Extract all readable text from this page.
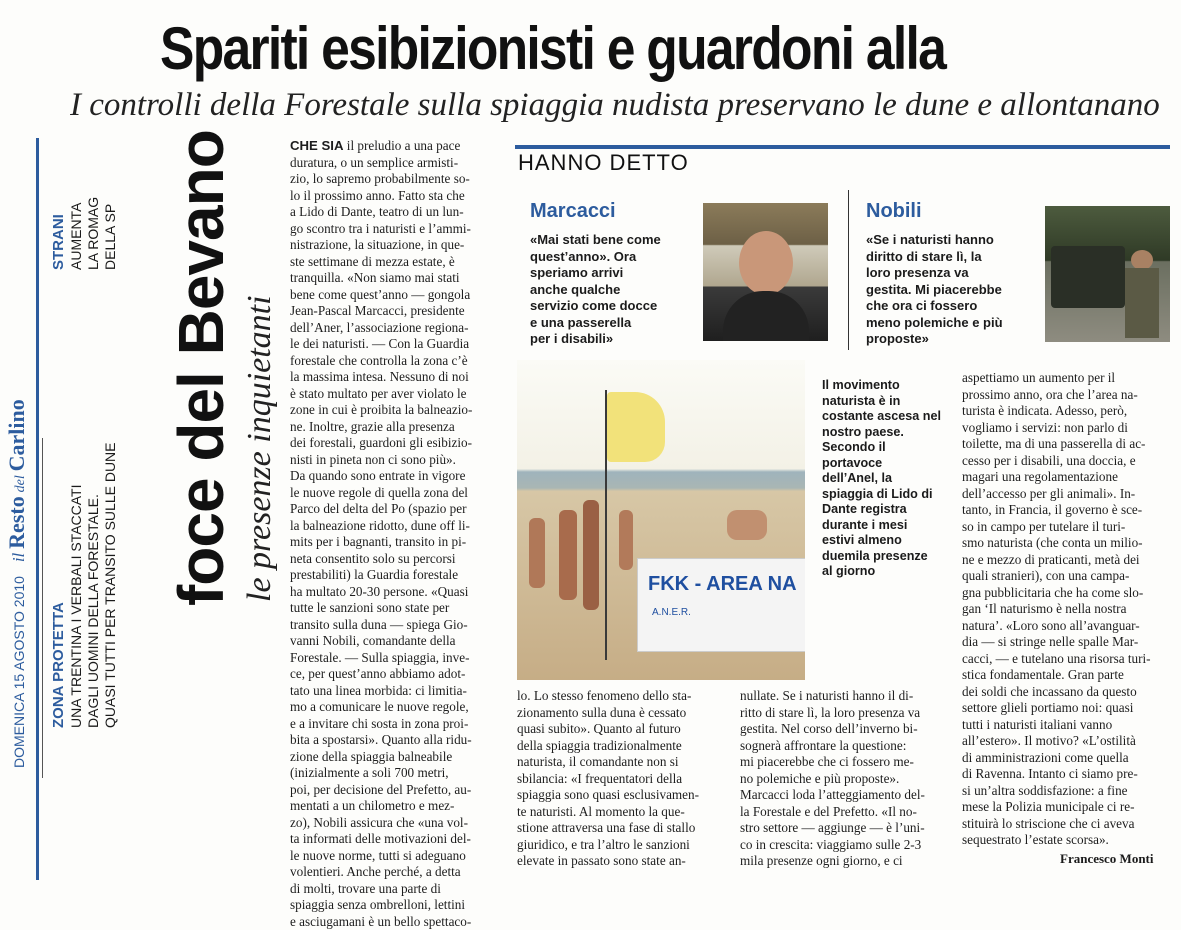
Spariti esibizionisti e guardoni alla
I controlli della Forestale sulla spiaggia nudista preservano le dune e allontanano
DOMENICA 15 AGOSTO 2010 il Resto del Carlino
ZONA PROTETTA UNA TRENTINA I VERBALI STACCATI DAGLI UOMINI DELLA FORESTALE. QUASI TUTTI PER TRANSITO SULLE DUNE
STRANI AUMENTA LA ROMAG DELLA SP foce del Bevano le presenze inquietanti

CHE SIA il preludio a una pace

duratura, o un semplice armisti-
zio, lo sapremo probabilmente so-
lo il prossimo anno. Fatto sta che
a Lido di Dante, teatro di un lun-
go scontro tra i naturisti e l’ammi-
nistrazione, la situazione, in que-
ste settimane di mezza estate, è
tranquilla. «Non siamo mai stati
bene come quest’anno — gongola
Jean-Pascal Marcacci, presidente
dell’Aner, l’associazione regiona-
le dei naturisti. — Con la Guardia
forestale che controlla la zona c’è
la massima intesa. Nessuno di noi
è stato multato per aver violato le
zone in cui è proibita la balneazio-
ne. Inoltre, grazie alla presenza
dei forestali, guardoni gli esibizio-
nisti in pineta non ci sono più».
Da quando sono entrate in vigore
le nuove regole di quella zona del
Parco del delta del Po (spazio per
la balneazione ridotto, dune off li-
mits per i bagnanti, transito in pi-
neta consentito solo su percorsi
prestabiliti) la Guardia forestale
ha multato 20-30 persone. «Quasi
tutte le sanzioni sono state per
transito sulla duna — spiega Gio-
vanni Nobili, comandante della
Forestale. — Sulla spiaggia, inve-
ce, per quest’anno abbiamo adot-
tato una linea morbida: ci limitia-
mo a comunicare le nuove regole,
e a invitare chi sosta in zona proi-
bita a spostarsi». Quanto alla ridu-
zione della spiaggia balneabile
(inizialmente a soli 700 metri,
poi, per decisione del Prefetto, au-
mentati a un chilometro e mez-
zo), Nobili assicura che «una vol-
ta informati delle motivazioni del-
le nuove norme, tutti si adeguano
volentieri. Anche perché, a detta
di molti, trovare una parte di
spiaggia senza ombrelloni, lettini
e asciugamani è un bello spettaco-
HANNO DETTO
Marcacci
«Mai stati bene come
quest’anno». Ora
speriamo arrivi
anche qualche
servizio come docce
e una passerella
per i disabili»
Nobili
«Se i naturisti hanno
diritto di stare lì, la
loro presenza va
gestita. Mi piacerebbe
che ora ci fossero
meno polemiche e più
proposte»
FKK - AREA NA
A.N.E.R.
Il movimento
naturista è in
costante ascesa nel
nostro paese.
Secondo il
portavoce
dell’Anel, la
spiaggia di Lido di
Dante registra
durante i mesi
estivi almeno
duemila presenze
al giorno
lo. Lo stesso fenomeno dello sta-
zionamento sulla duna è cessato
quasi subito». Quanto al futuro
della spiaggia tradizionalmente
naturista, il comandante non si
sbilancia: «I frequentatori della
spiaggia sono quasi esclusivamen-
te naturisti. Al momento la que-
stione attraversa una fase di stallo
giuridico, e tra l’altro le sanzioni
elevate in passato sono state an-
nullate. Se i naturisti hanno il di-
ritto di stare lì, la loro presenza va
gestita. Nel corso dell’inverno bi-
sognerà affrontare la questione:
mi piacerebbe che ci fossero me-
no polemiche e più proposte».
Marcacci loda l’atteggiamento del-
la Forestale e del Prefetto. «Il no-
stro settore — aggiunge — è l’uni-
co in crescita: viaggiamo sulle 2-3
mila presenze ogni giorno, e ci
aspettiamo un aumento per il
prossimo anno, ora che l’area na-
turista è indicata. Adesso, però,
vogliamo i servizi: non parlo di
toilette, ma di una passerella di ac-
cesso per i disabili, una doccia, e
magari una regolamentazione
dell’accesso per gli animali». In-
tanto, in Francia, il governo è sce-
so in campo per tutelare il turi-
smo naturista (che conta un milio-
ne e mezzo di praticanti, metà dei
quali stranieri), con una campa-
gna pubblicitaria che ha come slo-
gan ‘Il naturismo è nella nostra
natura’. «Loro sono all’avanguar-
dia — si stringe nelle spalle Mar-
cacci, — e tutelano una risorsa turi-
stica fondamentale. Gran parte
dei soldi che incassano da questo
settore glieli portiamo noi: quasi
tutti i naturisti italiani vanno
all’estero». Il motivo? «L’ostilità
di amministrazioni come quella
di Ravenna. Intanto ci siamo pre-
si un’altra soddisfazione: a fine
mese la Polizia municipale ci re-
stituirà lo striscione che ci aveva
sequestrato l’estate scorsa».
Francesco Monti
